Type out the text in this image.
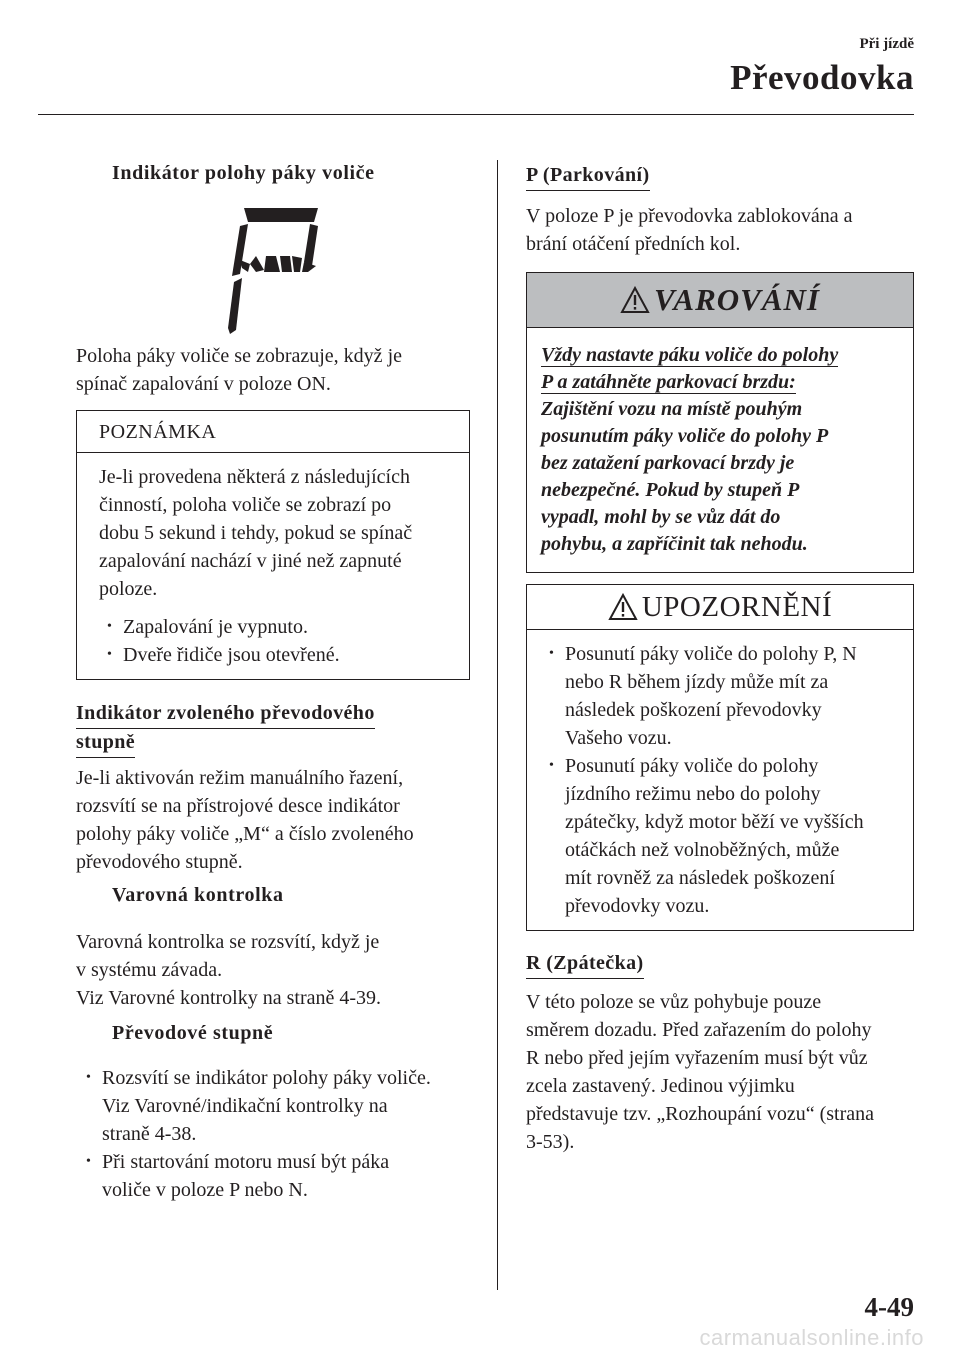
Při jízdě
Převodovka
Indikátor polohy páky voliče

Poloha páky voliče se zobrazuje, když je

spínač zapalování v poloze ON.

POZNÁMKA

Je-li provedena některá z následujících

činností, poloha voliče se zobrazí po

dobu 5 sekund i tehdy, pokud se spínač

zapalování nachází v jiné než zapnuté

poloze.

• Zapalování je vypnuto.
• Dveře řidiče jsou otevřené.
Indikátor zvoleného převodového
stupně

Je-li aktivován režim manuálního řazení,

rozsvítí se na přístrojové desce indikátor

polohy páky voliče „M“ a číslo zvoleného

převodového stupně.

Varovná kontrolka

Varovná kontrolka se rozsvítí, když je

v systému závada.

Viz Varovné kontrolky na straně 4-39.

Převodové stupně
• Rozsvítí se indikátor polohy páky voliče.
Viz Varovné/indikační kontrolky na
straně 4-38.
• Při startování motoru musí být páka
voliče v poloze P nebo N.
P (Parkování)

V poloze P je převodovka zablokována a

brání otáčení předních kol.

VAROVÁNÍ

Vždy nastavte páku voliče do polohy

P a zatáhněte parkovací brzdu:

Zajištění vozu na místě pouhým

posunutím páky voliče do polohy P

bez zatažení parkovací brzdy je

nebezpečné. Pokud by stupeň P

vypadl, mohl by se vůz dát do

pohybu, a zapříčinit tak nehodu.

UPOZORNĚNÍ
• Posunutí páky voliče do polohy P, N
nebo R během jízdy může mít za
následek poškození převodovky
Vašeho vozu.
• Posunutí páky voliče do polohy
jízdního režimu nebo do polohy
zpátečky, když motor běží ve vyšších
otáčkách než volnoběžných, může
mít rovněž za následek poškození
převodovky vozu.
R (Zpátečka)

V této poloze se vůz pohybuje pouze

směrem dozadu. Před zařazením do polohy

R nebo před jejím vyřazením musí být vůz

zcela zastavený. Jedinou výjimku

představuje tzv. „Rozhoupání vozu“ (strana

3-53).

4-49
carmanualsonline.info
